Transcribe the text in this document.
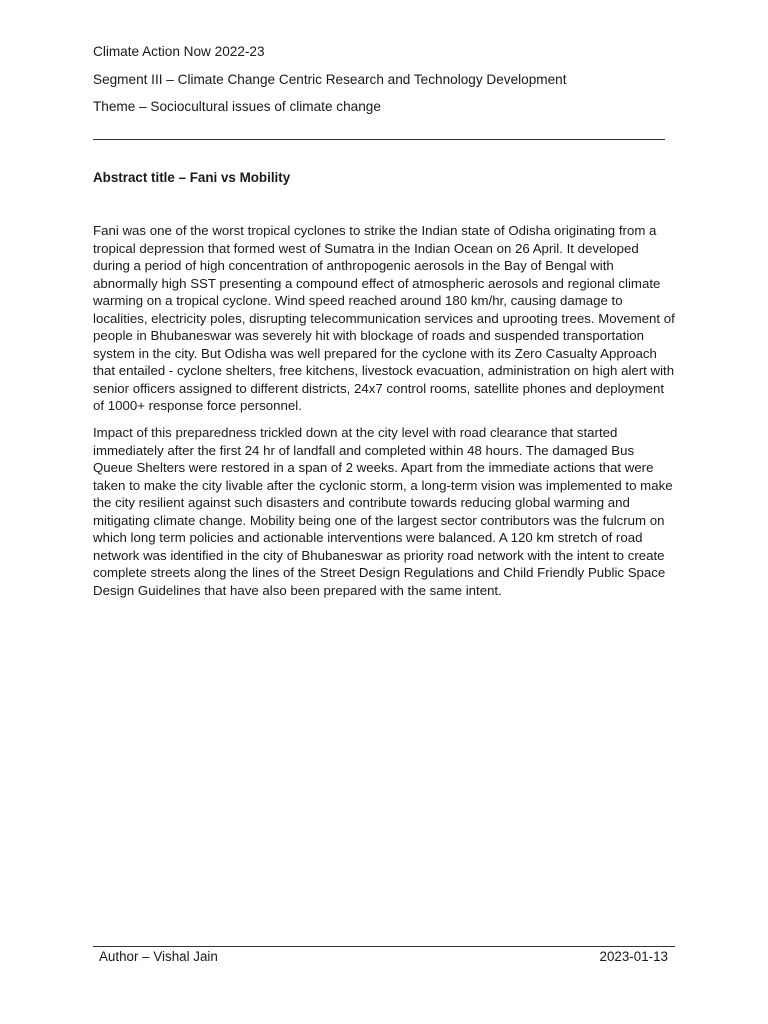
Climate Action Now 2022-23
Segment III – Climate Change Centric Research and Technology Development
Theme – Sociocultural issues of climate change
Abstract title – Fani vs Mobility

Fani was one of the worst tropical cyclones to strike the Indian state of Odisha originating from a tropical depression that formed west of Sumatra in the Indian Ocean on 26 April. It developed during a period of high concentration of anthropogenic aerosols in the Bay of Bengal with abnormally high SST presenting a compound effect of atmospheric aerosols and regional climate warming on a tropical cyclone. Wind speed reached around 180 km/hr, causing damage to localities, electricity poles, disrupting telecommunication services and uprooting trees. Movement of people in Bhubaneswar was severely hit with blockage of roads and suspended transportation system in the city. But Odisha was well prepared for the cyclone with its Zero Casualty Approach that entailed - cyclone shelters, free kitchens, livestock evacuation, administration on high alert with senior officers assigned to different districts, 24x7 control rooms, satellite phones and deployment of 1000+ response force personnel.

Impact of this preparedness trickled down at the city level with road clearance that started immediately after the first 24 hr of landfall and completed within 48 hours. The damaged Bus Queue Shelters were restored in a span of 2 weeks. Apart from the immediate actions that were taken to make the city livable after the cyclonic storm, a long-term vision was implemented to make the city resilient against such disasters and contribute towards reducing global warming and mitigating climate change. Mobility being one of the largest sector contributors was the fulcrum on which long term policies and actionable interventions were balanced. A 120 km stretch of road network was identified in the city of Bhubaneswar as priority road network with the intent to create complete streets along the lines of the Street Design Regulations and Child Friendly Public Space Design Guidelines that have also been prepared with the same intent.

Author – Vishal Jain	2023-01-13
